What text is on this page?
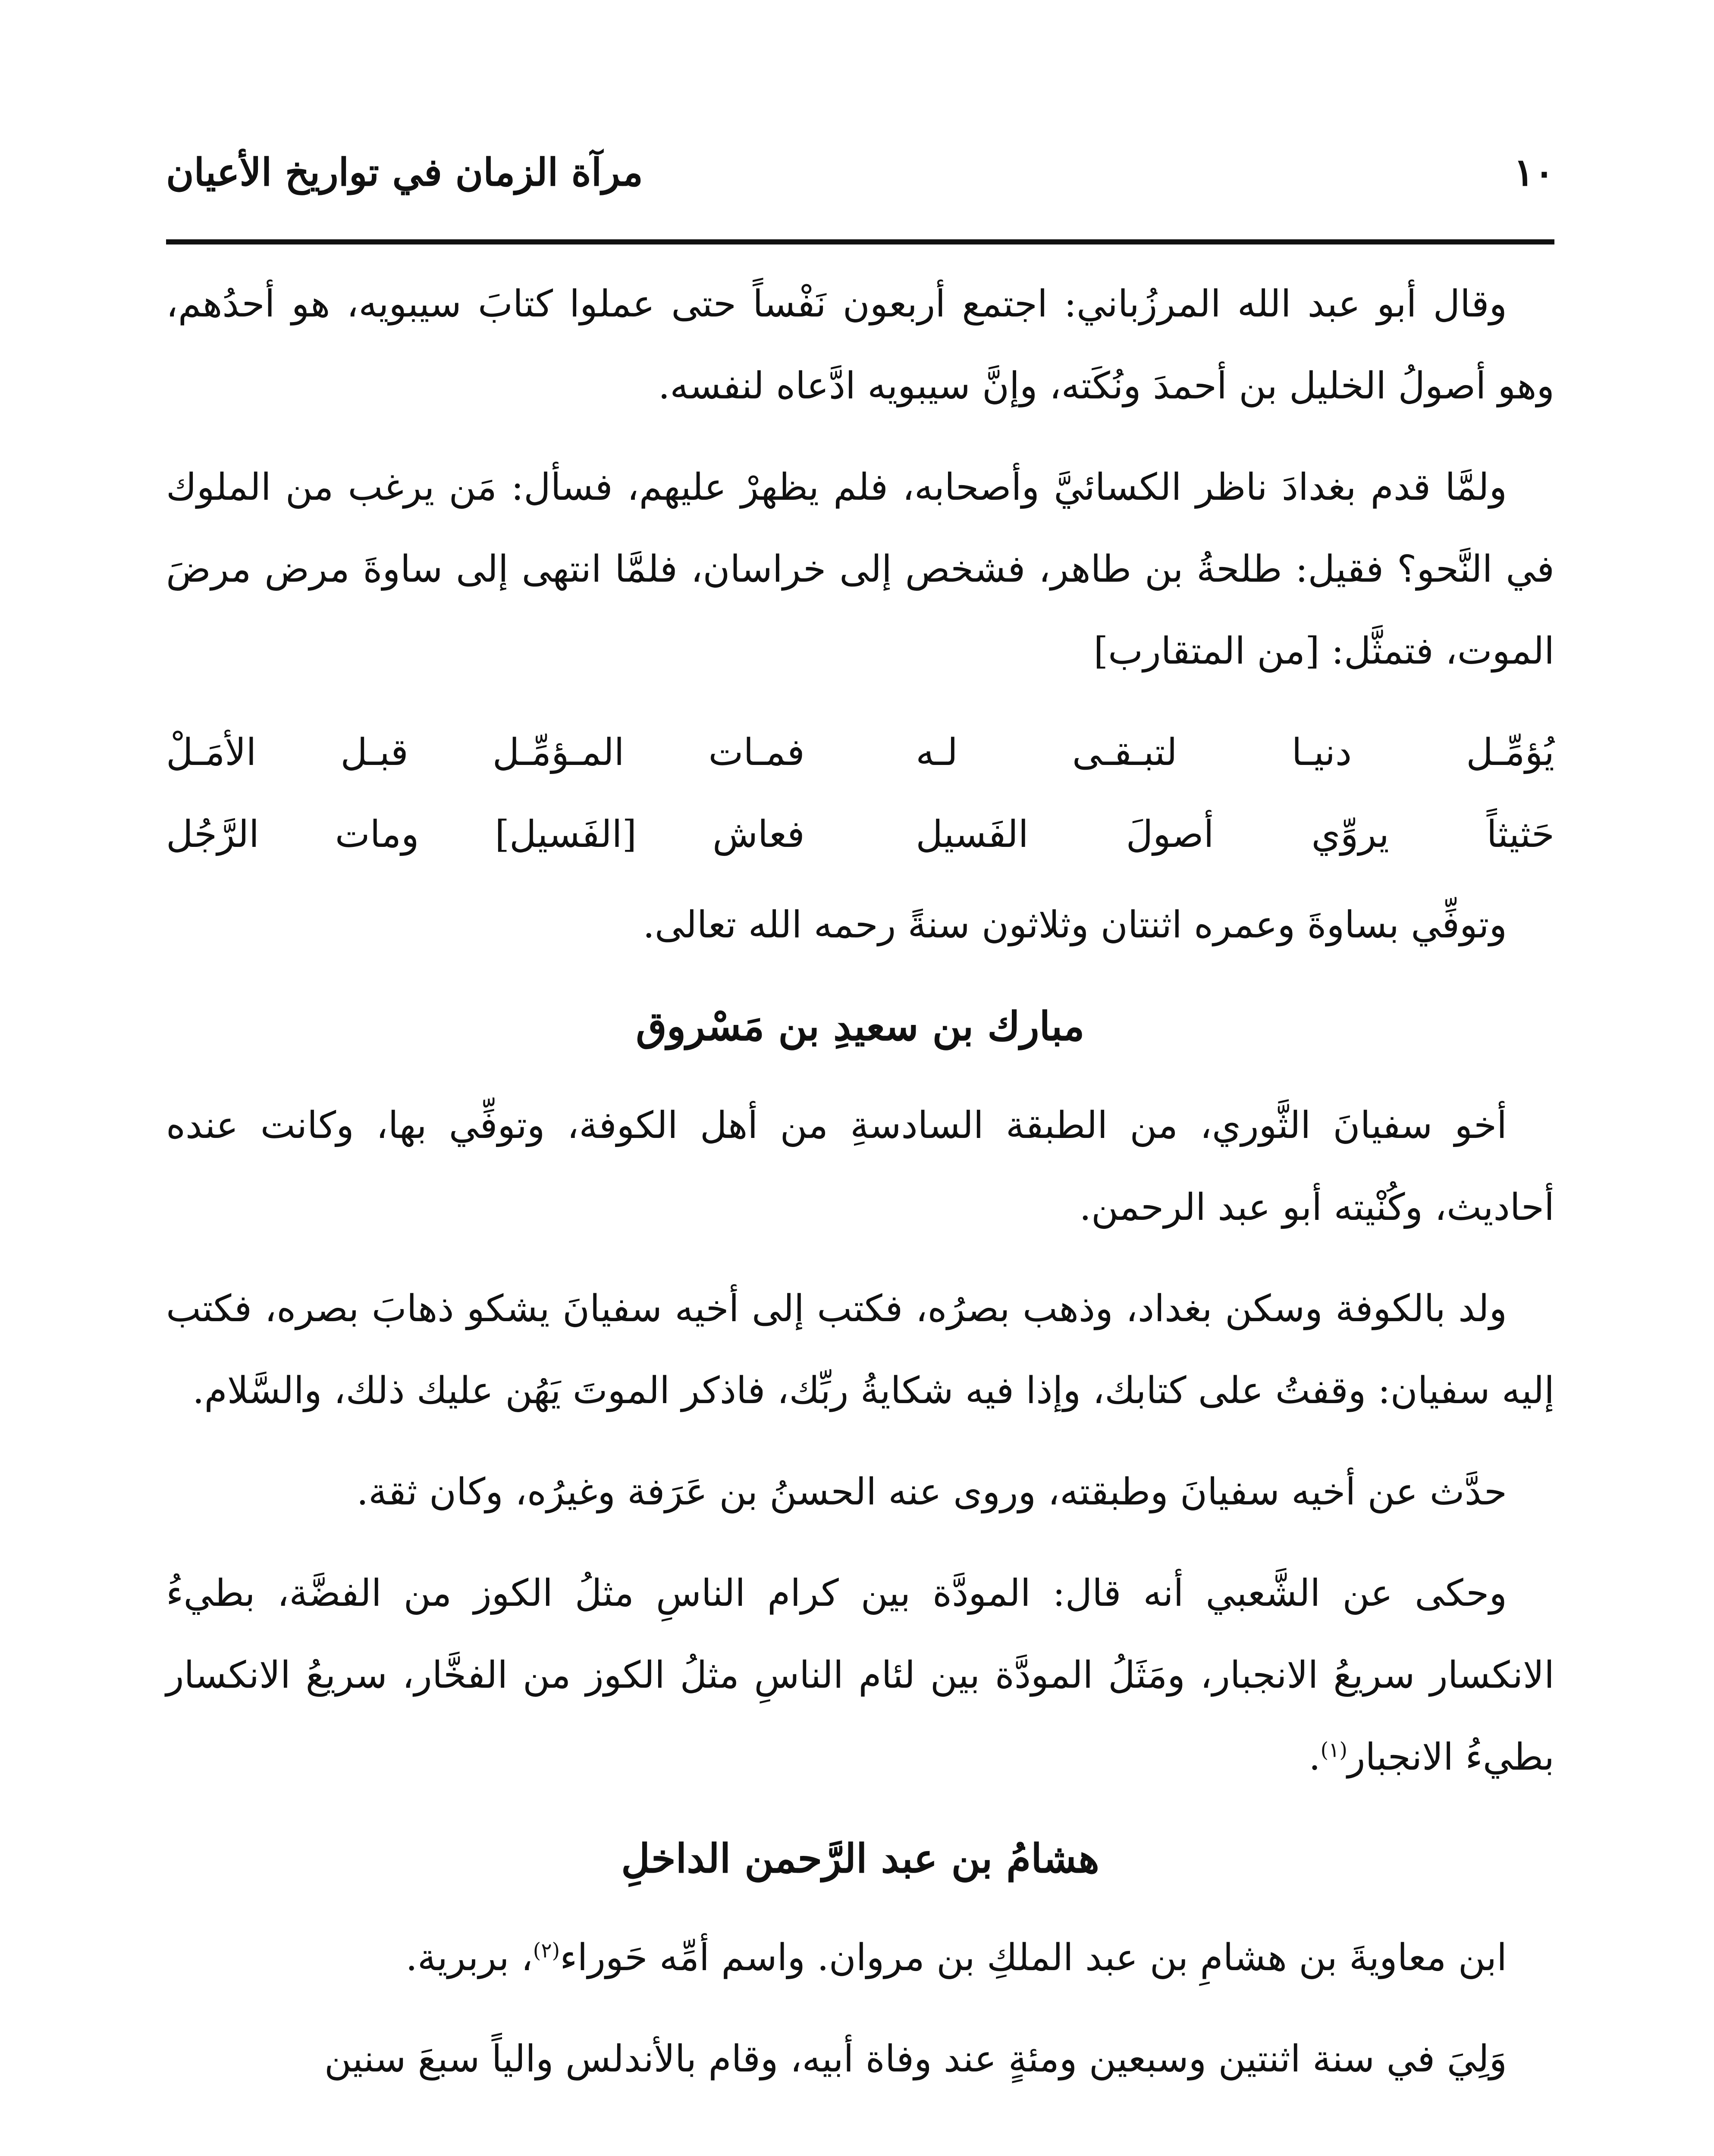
١٠
مرآة الزمان في تواريخ الأعيان

وقال أبو عبد الله المرزُباني: اجتمع أربعون نَفْساً حتى عملوا كتابَ سيبويه، هو أحدُهم، وهو أصولُ الخليل بن أحمدَ ونُكَته، وإنَّ سيبويه ادَّعاه لنفسه.

ولمَّا قدم بغدادَ ناظر الكسائيَّ وأصحابه، فلم يظهرْ عليهم، فسأل: مَن يرغب من الملوك في النَّحو؟ فقيل: طلحةُ بن طاهر، فشخص إلى خراسان، فلمَّا انتهى إلى ساوةَ مرض مرضَ الموت، فتمثَّل: [من المتقارب]

يُؤمِّـل دنيـا لتبـقـى لـه
فمـات المـؤمِّـل قبـل الأمَـلْ
حَثيثاً يروِّي أصولَ الفَسيل
فعاش [الفَسيل] ومات الرَّجُل

وتوفِّي بساوةَ وعمره اثنتان وثلاثون سنةً رحمه الله تعالى.

مبارك بن سعيدِ بن مَسْروق

أخو سفيانَ الثَّوري، من الطبقة السادسةِ من أهل الكوفة، وتوفِّي بها، وكانت عنده أحاديث، وكُنْيته أبو عبد الرحمن.

ولد بالكوفة وسكن بغداد، وذهب بصرُه، فكتب إلى أخيه سفيانَ يشكو ذهابَ بصره، فكتب إليه سفيان: وقفتُ على كتابك، وإذا فيه شكايةُ ربِّك، فاذكر الموتَ يَهُن عليك ذلك، والسَّلام.

حدَّث عن أخيه سفيانَ وطبقته، وروى عنه الحسنُ بن عَرَفة وغيرُه، وكان ثقة.

وحكى عن الشَّعبي أنه قال: المودَّة بين كرام الناسِ مثلُ الكوز من الفضَّة، بطيءُ الانكسار سريعُ الانجبار، ومَثَلُ المودَّة بين لئام الناسِ مثلُ الكوز من الفخَّار، سريعُ الانكسار بطيءُ الانجبار$^{(١)}$.

هشامُ بن عبد الرَّحمن الداخلِ

ابن معاويةَ بن هشامِ بن عبد الملكِ بن مروان. واسم أمِّه حَوراء$^{(٢)}$، بربرية.

وَلِيَ في سنة اثنتين وسبعين ومئةٍ عند وفاة أبيه، وقام بالأندلس والياً سبعَ سنين
